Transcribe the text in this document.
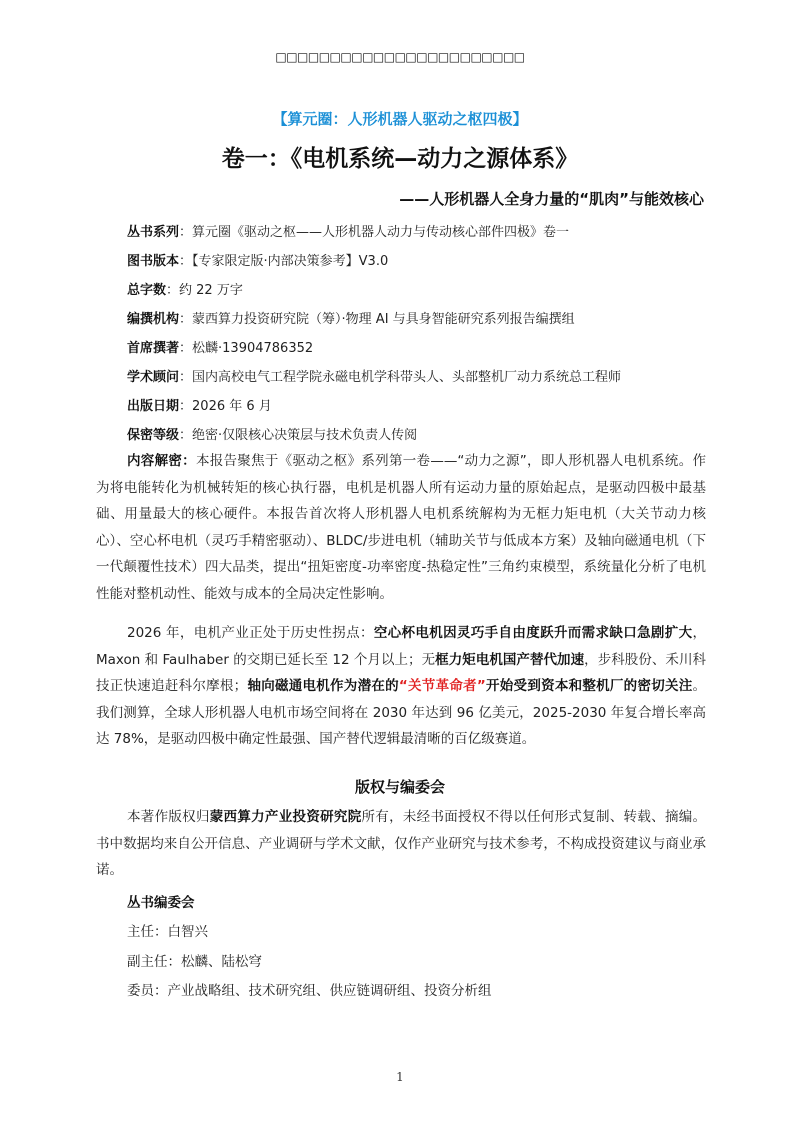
□□□□□□□□□□□□□□□□□□□□□□□
【算元圈：人形机器人驱动之枢四极】
卷一：《电机系统—动力之源体系》
——人形机器人全身力量的“肌肉”与能效核心
丛书系列：算元圈《驱动之枢——人形机器人动力与传动核心部件四极》卷一
图书版本：【专家限定版·内部决策参考】V3.0
总字数：约 22 万字
编撰机构：蒙西算力投资研究院（筹）·物理 AI 与具身智能研究系列报告编撰组
首席撰著：松麟·13904786352
学术顾问：国内高校电气工程学院永磁电机学科带头人、头部整机厂动力系统总工程师
出版日期：2026 年 6 月
保密等级：绝密·仅限核心决策层与技术负责人传阅
内容解密：本报告聚焦于《驱动之枢》系列第一卷——“动力之源”，即人形机器人电机系统。作为将电能转化为机械转矩的核心执行器，电机是机器人所有运动力量的原始起点，是驱动四极中最基础、用量最大的核心硬件。本报告首次将人形机器人电机系统解构为无框力矩电机（大关节动力核心）、空心杯电机（灵巧手精密驱动）、BLDC/步进电机（辅助关节与低成本方案）及轴向磁通电机（下一代颠覆性技术）四大品类，提出“扭矩密度-功率密度-热稳定性”三角约束模型，系统量化分析了电机性能对整机动性、能效与成本的全局决定性影响。
2026 年，电机产业正处于历史性拐点：空心杯电机因灵巧手自由度跃升而需求缺口急剧扩大，Maxon 和 Faulhaber 的交期已延长至 12 个月以上；无框力矩电机国产替代加速，步科股份、禾川科技正快速追赶科尔摩根；轴向磁通电机作为潜在的“关节革命者”开始受到资本和整机厂的密切关注。我们测算，全球人形机器人电机市场空间将在 2030 年达到 96 亿美元，2025-2030 年复合增长率高达 78%，是驱动四极中确定性最强、国产替代逻辑最清晰的百亿级赛道。
版权与编委会
本著作版权归蒙西算力产业投资研究院所有，未经书面授权不得以任何形式复制、转载、摘编。书中数据均来自公开信息、产业调研与学术文献，仅作产业研究与技术参考，不构成投资建议与商业承诺。
丛书编委会
主任：白智兴
副主任：松麟、陆松穹
委员：产业战略组、技术研究组、供应链调研组、投资分析组
1
